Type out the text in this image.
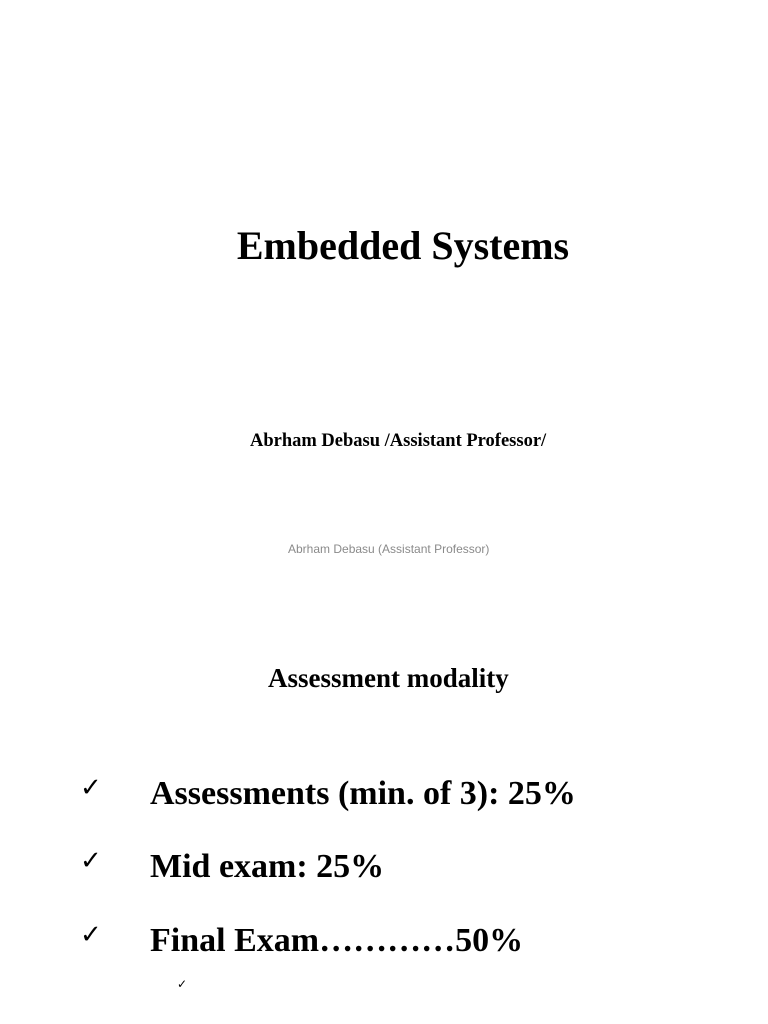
Embedded Systems

Abrham Debasu /Assistant Professor/

Abrham Debasu (Assistant Professor)

Assessment modality
✓ Assessments (min. of 3): 25%
✓ Mid exam: 25%
✓ Final Exam…………50%
✓
